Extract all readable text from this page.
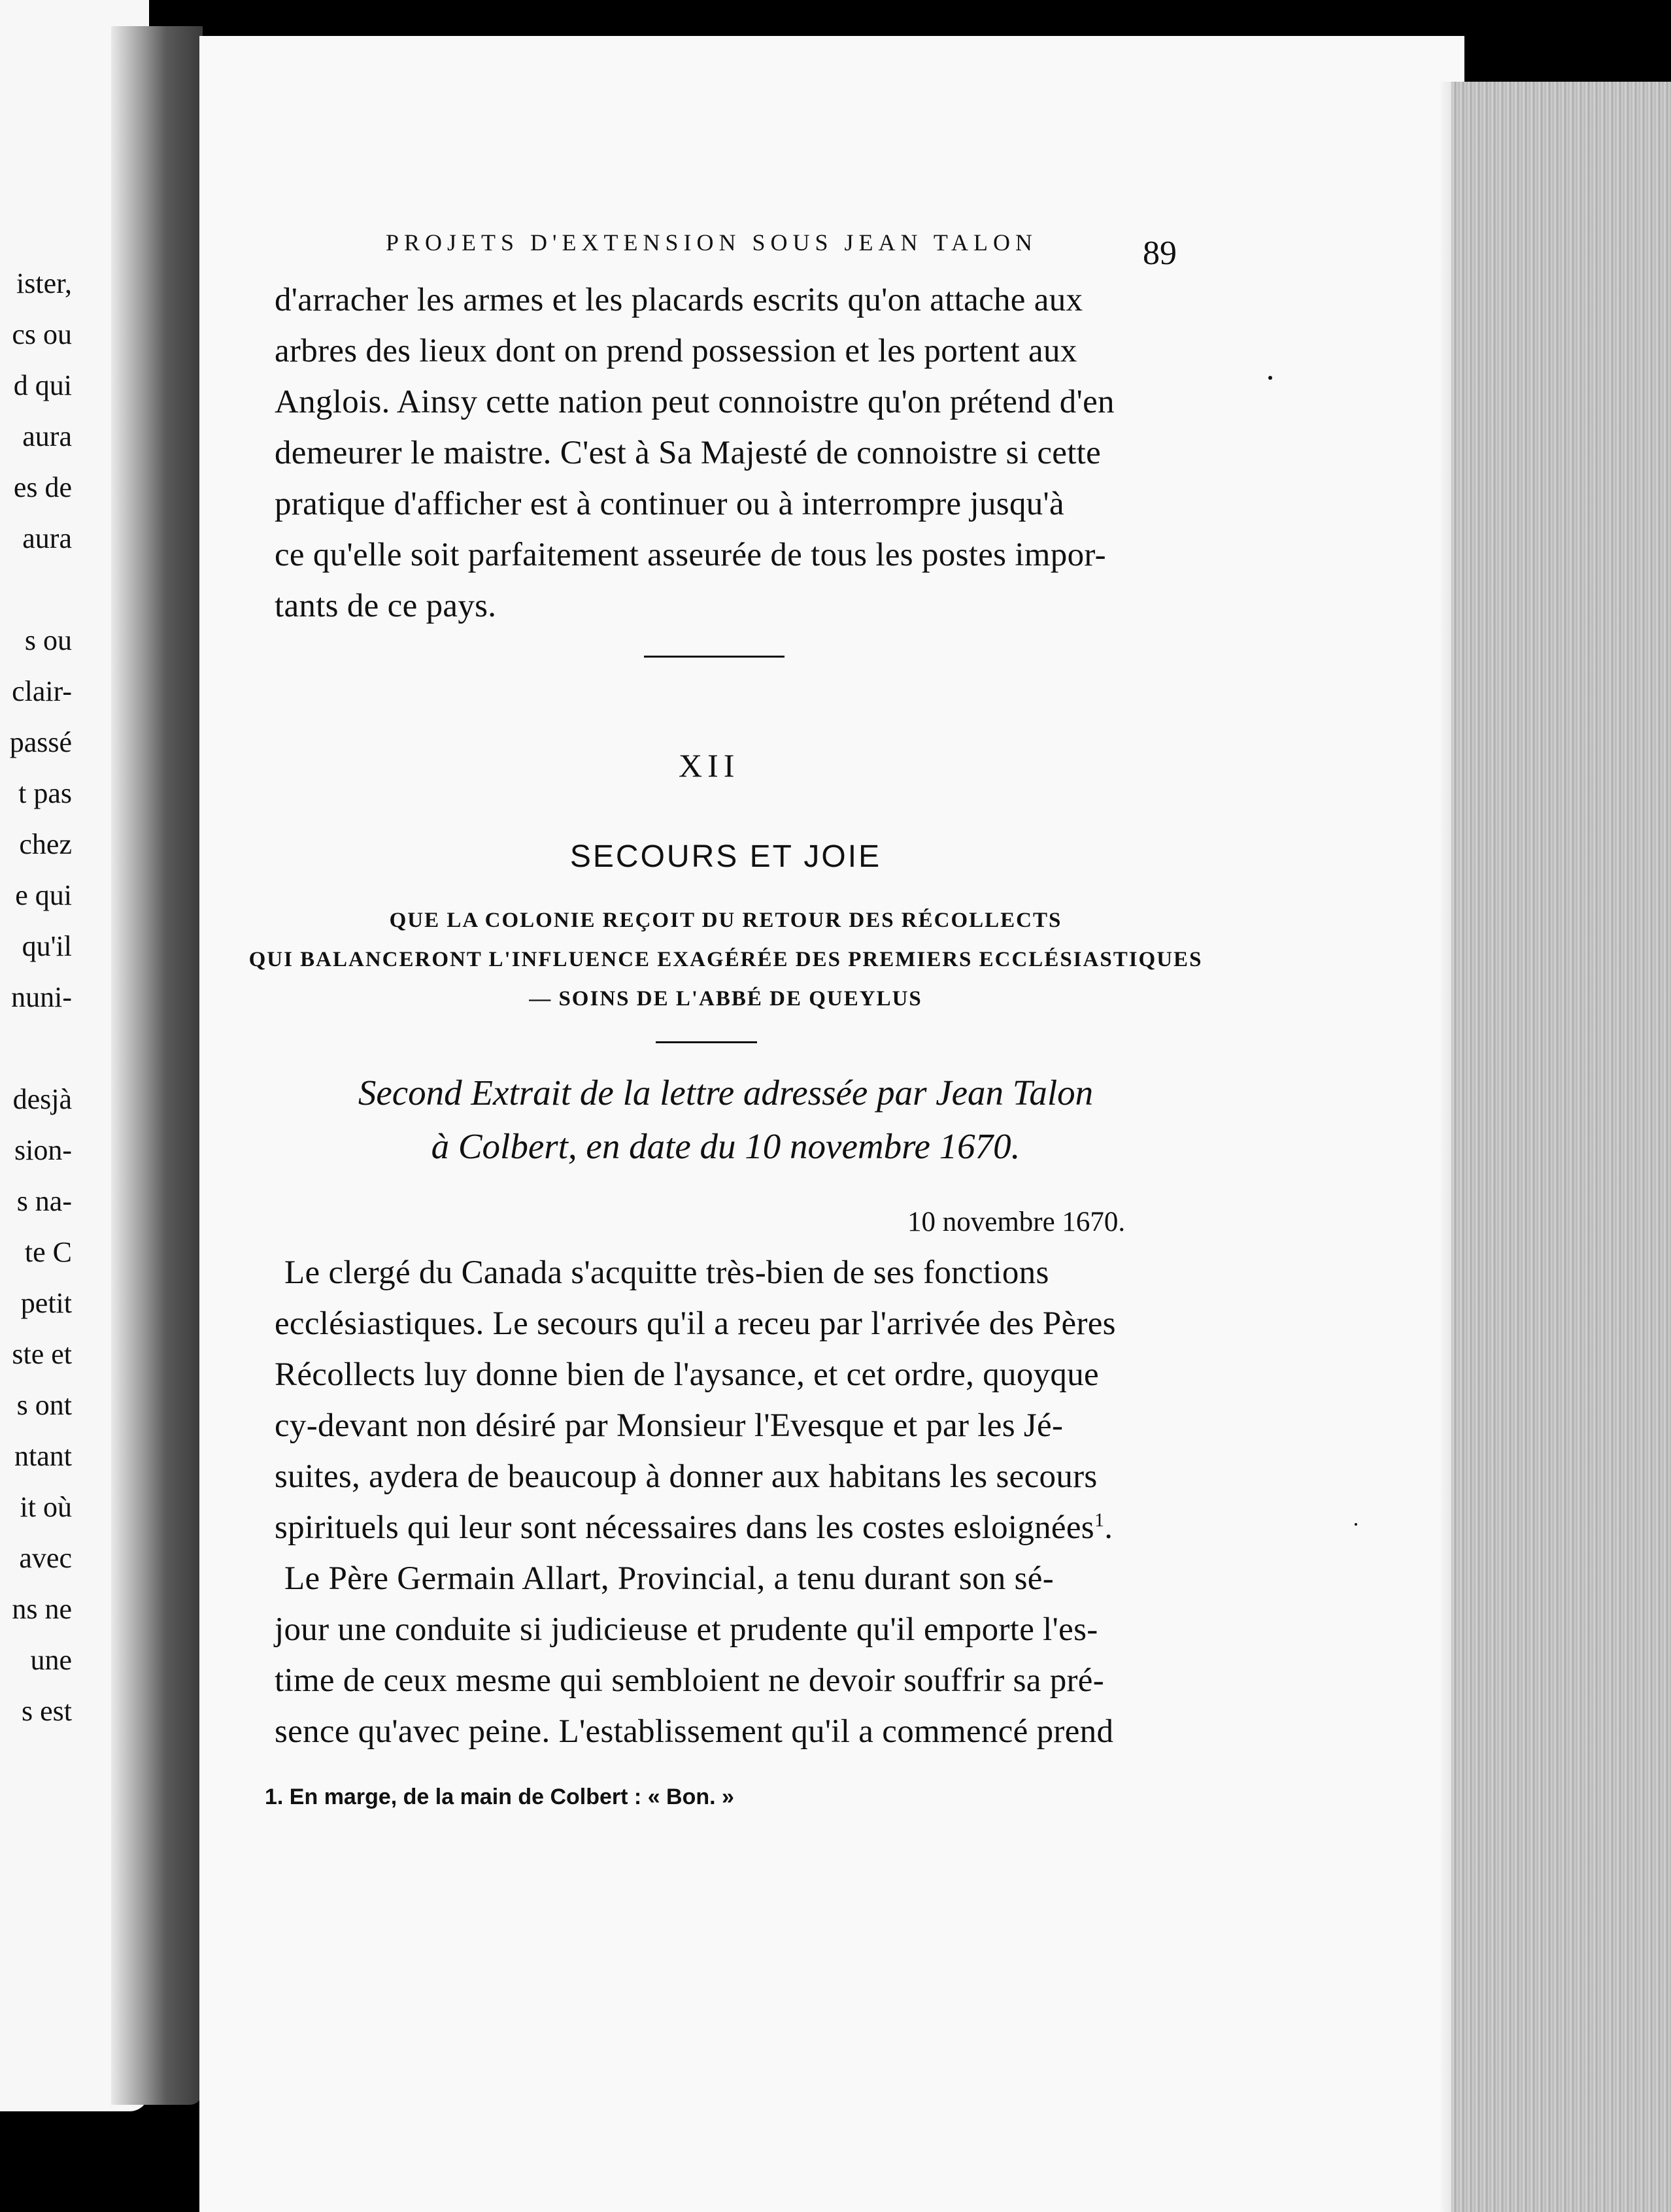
ister,
cs ou
d qui
aura
es de
aura
s ou
clair-
passé
t pas
chez
e qui
qu'il
nuni-
desjà
sion-
s na-
te C
petit
ste et
s ont
ntant
it où
avec
ns ne
une
s est
PROJETS D'EXTENSION SOUS JEAN TALON	89
d'arracher les armes et les placards escrits qu'on attache aux
arbres des lieux dont on prend possession et les portent aux
Anglois. Ainsy cette nation peut connoistre qu'on prétend d'en
demeurer le maistre. C'est à Sa Majesté de connoistre si cette
pratique d'afficher est à continuer ou à interrompre jusqu'à
ce qu'elle soit parfaitement asseurée de tous les postes impor-
tants de ce pays.
XII
SECOURS ET JOIE
QUE LA COLONIE REÇOIT DU RETOUR DES RÉCOLLECTS
QUI BALANCERONT L'INFLUENCE EXAGÉRÉE DES PREMIERS ECCLÉSIASTIQUES
— SOINS DE L'ABBÉ DE QUEYLUS
Second Extrait de la lettre adressée par Jean Talon
à Colbert, en date du 10 novembre 1670.
10 novembre 1670.
Le clergé du Canada s'acquitte très-bien de ses fonctions
ecclésiastiques. Le secours qu'il a receu par l'arrivée des Pères
Récollects luy donne bien de l'aysance, et cet ordre, quoyque
cy-devant non désiré par Monsieur l'Evesque et par les Jé-
suites, aydera de beaucoup à donner aux habitans les secours
spirituels qui leur sont nécessaires dans les costes esloignées$^1$.
Le Père Germain Allart, Provincial, a tenu durant son sé-
jour une conduite si judicieuse et prudente qu'il emporte l'es-
time de ceux mesme qui sembloient ne devoir souffrir sa pré-
sence qu'avec peine. L'establissement qu'il a commencé prend
1. En marge, de la main de Colbert : « Bon. »
